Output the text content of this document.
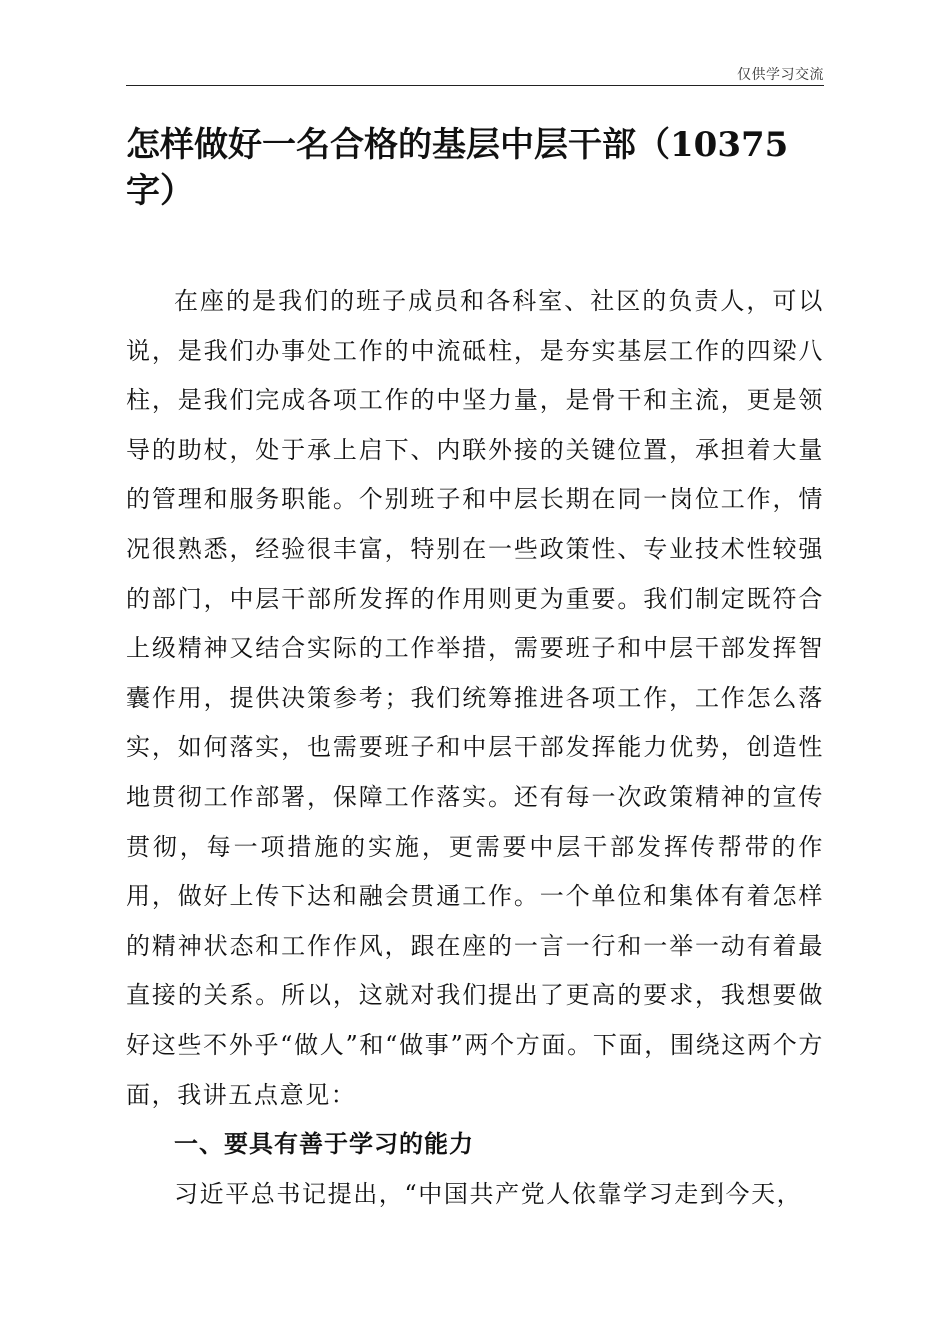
仅供学习交流
怎样做好一名合格的基层中层干部（10375字）

在座的是我们的班子成员和各科室、社区的负责人，可以说，是我们办事处工作的中流砥柱，是夯实基层工作的四梁八柱，是我们完成各项工作的中坚力量，是骨干和主流，更是领导的助杖，处于承上启下、内联外接的关键位置，承担着大量的管理和服务职能。个别班子和中层长期在同一岗位工作，情况很熟悉，经验很丰富，特别在一些政策性、专业技术性较强的部门，中层干部所发挥的作用则更为重要。我们制定既符合上级精神又结合实际的工作举措，需要班子和中层干部发挥智囊作用，提供决策参考；我们统筹推进各项工作，工作怎么落实，如何落实，也需要班子和中层干部发挥能力优势，创造性地贯彻工作部署，保障工作落实。还有每一次政策精神的宣传贯彻，每一项措施的实施，更需要中层干部发挥传帮带的作用，做好上传下达和融会贯通工作。一个单位和集体有着怎样的精神状态和工作作风，跟在座的一言一行和一举一动有着最直接的关系。所以，这就对我们提出了更高的要求，我想要做好这些不外乎“做人”和“做事”两个方面。下面，围绕这两个方面，我讲五点意见：

一、要具有善于学习的能力

习近平总书记提出，“中国共产党人依靠学习走到今天，
